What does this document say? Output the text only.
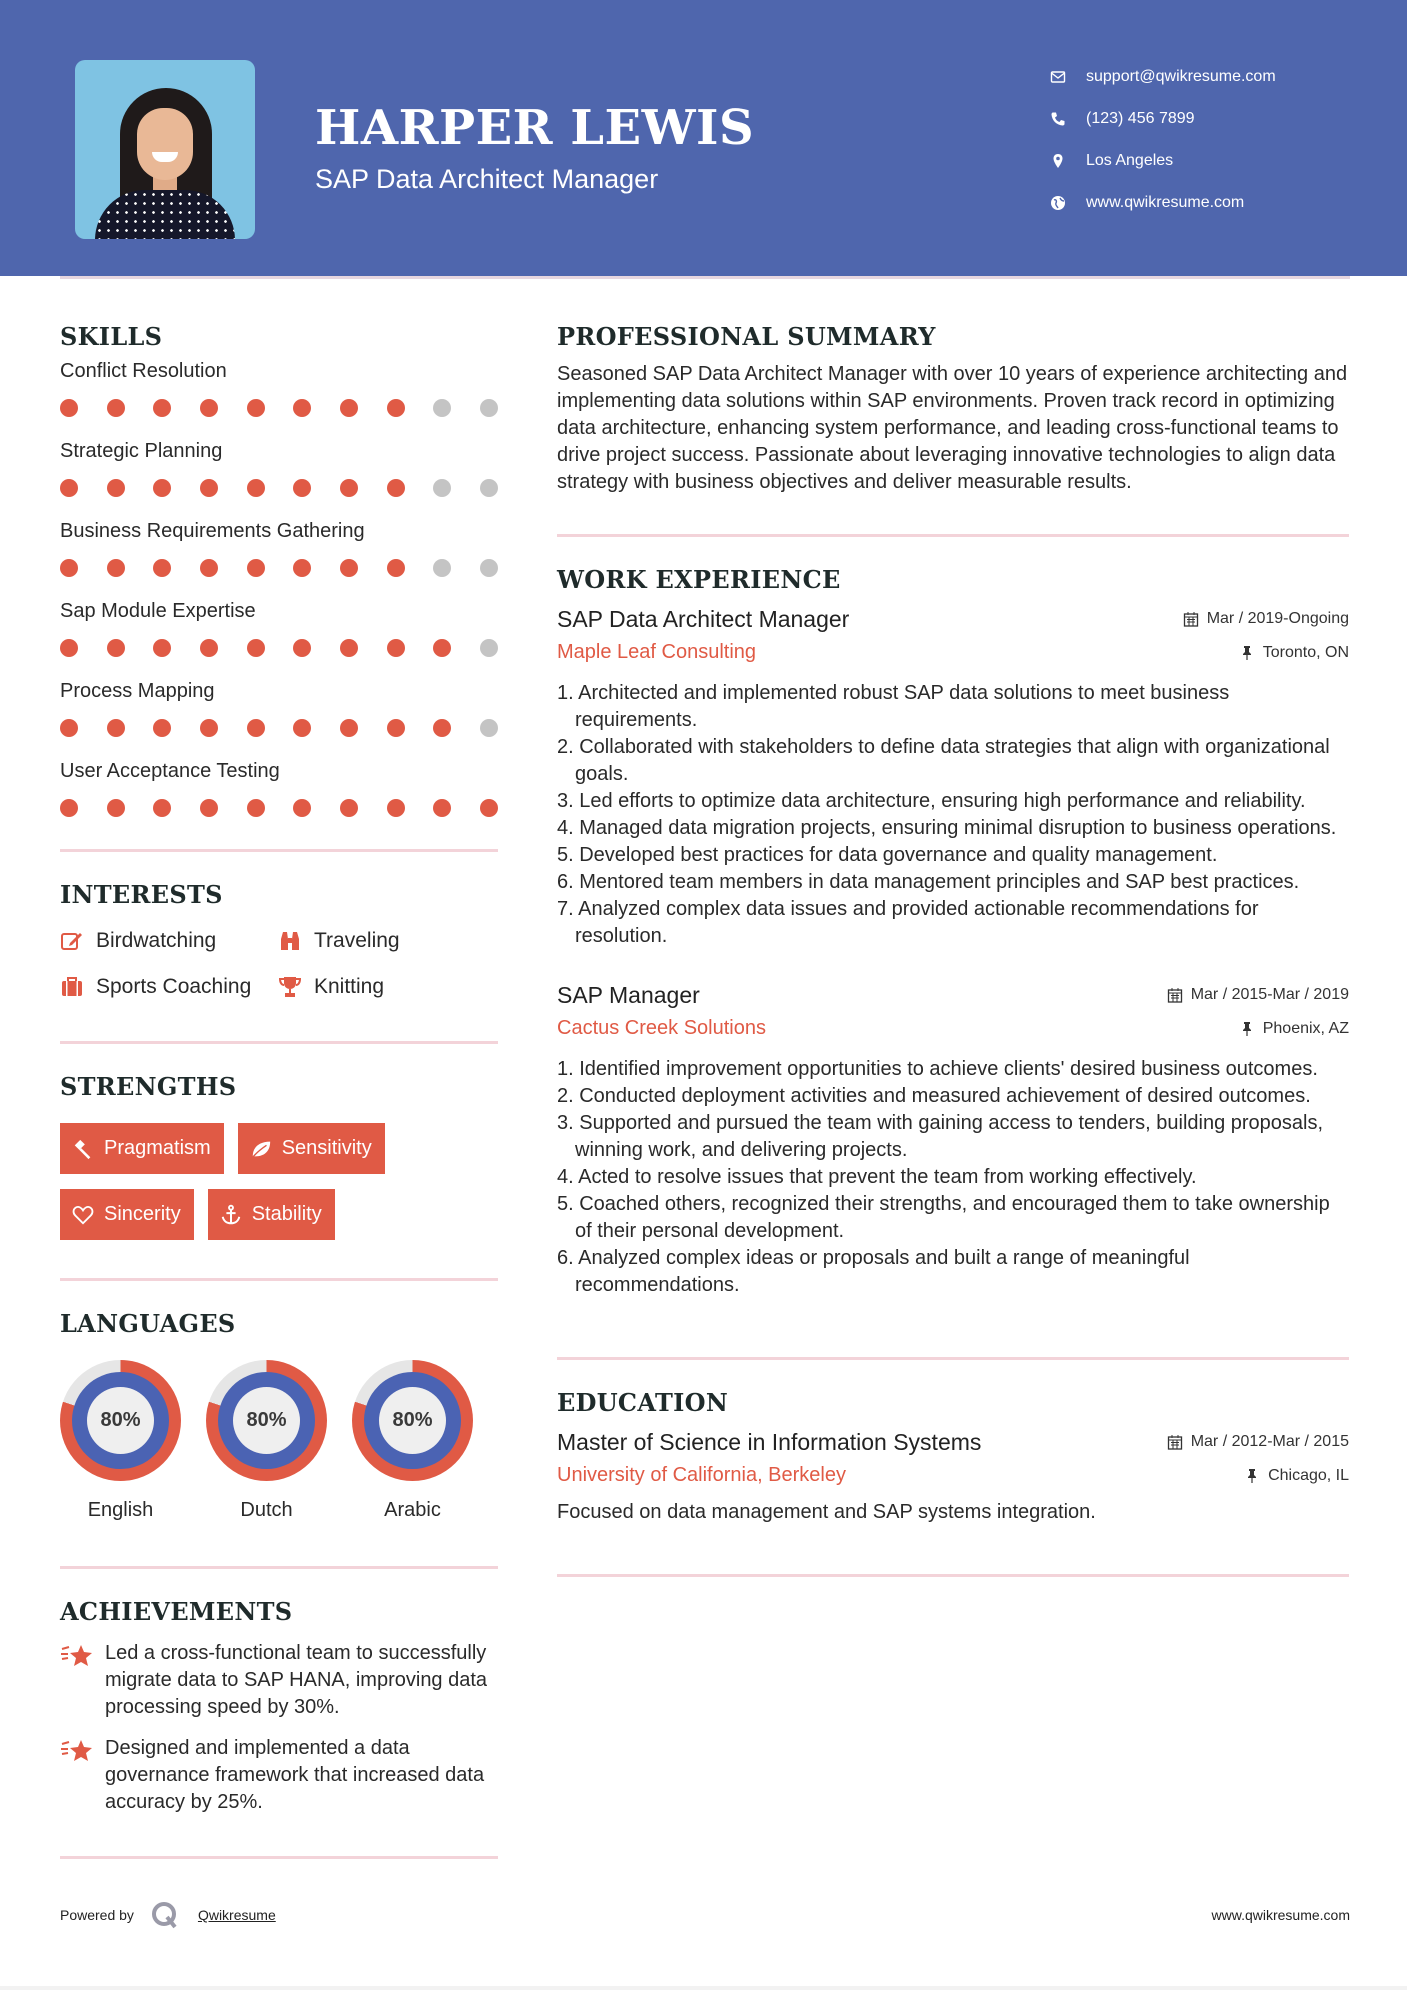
HARPER LEWIS
SAP Data Architect Manager
support@qwikresume.com
(123) 456 7899
Los Angeles
www.qwikresume.com
SKILLS
Conflict Resolution
Strategic Planning
Business Requirements Gathering
Sap Module Expertise
Process Mapping
User Acceptance Testing
INTERESTS
Birdwatching	Traveling
Sports Coaching	Knitting
STRENGTHS
Pragmatism	Sensitivity
Sincerity	Stability
LANGUAGES
80%
English
80%
Dutch
80%
Arabic
ACHIEVEMENTS
Led a cross-functional team to successfully migrate data to SAP HANA, improving data processing speed by 30%.
Designed and implemented a data governance framework that increased data accuracy by 25%.
PROFESSIONAL SUMMARY
Seasoned SAP Data Architect Manager with over 10 years of experience architecting and implementing data solutions within SAP environments. Proven track record in optimizing data architecture, enhancing system performance, and leading cross-functional teams to drive project success. Passionate about leveraging innovative technologies to align data strategy with business objectives and deliver measurable results.
WORK EXPERIENCE
SAP Data Architect Manager	Mar / 2019-Ongoing
Maple Leaf Consulting	Toronto, ON
1. Architected and implemented robust SAP data solutions to meet business requirements.
2. Collaborated with stakeholders to define data strategies that align with organizational goals.
3. Led efforts to optimize data architecture, ensuring high performance and reliability.
4. Managed data migration projects, ensuring minimal disruption to business operations.
5. Developed best practices for data governance and quality management.
6. Mentored team members in data management principles and SAP best practices.
7. Analyzed complex data issues and provided actionable recommendations for resolution.
SAP Manager	Mar / 2015-Mar / 2019
Cactus Creek Solutions	Phoenix, AZ
1. Identified improvement opportunities to achieve clients' desired business outcomes.
2. Conducted deployment activities and measured achievement of desired outcomes.
3. Supported and pursued the team with gaining access to tenders, building proposals, winning work, and delivering projects.
4. Acted to resolve issues that prevent the team from working effectively.
5. Coached others, recognized their strengths, and encouraged them to take ownership of their personal development.
6. Analyzed complex ideas or proposals and built a range of meaningful recommendations.
EDUCATION
Master of Science in Information Systems	Mar / 2012-Mar / 2015
University of California, Berkeley	Chicago, IL
Focused on data management and SAP systems integration.
Powered by	Qwikresume	www.qwikresume.com
